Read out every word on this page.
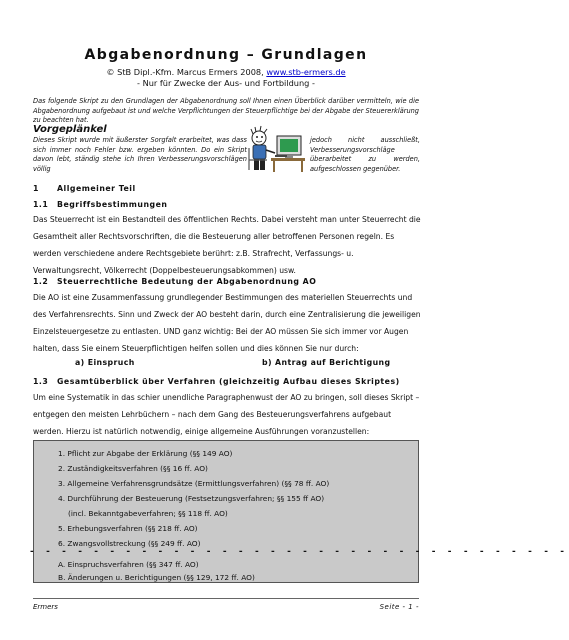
Abgabenordnung – Grundlagen
© StB Dipl.-Kfm. Marcus Ermers 2008, www.stb-ermers.de
- Nur für Zwecke der Aus- und Fortbildung -
Das folgende Skript zu den Grundlagen der Abgabenordnung soll Ihnen einen Überblick darüber vermitteln, wie die Abgabenordnung aufgebaut ist und welche Verpflichtungen der Steuerpflichtige bei der Abgabe der Steuererklärung zu beachten hat.
Vorgeplänkel
Dieses Skript wurde mit äußerster Sorgfalt erarbeitet, was dass sich immer noch Fehler bzw. ergeben könnten. Do ein Skript davon lebt, ständig stehe ich Ihren Verbesserungsvorschlägen völlig
jedoch nicht ausschließt, Verbesserungsvorschläge überarbeitet zu werden, aufgeschlossen gegenüber.
1 Allgemeiner Teil
1.1 Begriffsbestimmungen
Das Steuerrecht ist ein Bestandteil des öffentlichen Rechts. Dabei versteht man unter Steuerrecht die Gesamtheit aller Rechtsvorschriften, die die Besteuerung aller betroffenen Personen regeln. Es werden verschiedene andere Rechtsgebiete berührt: z.B. Strafrecht, Verfassungs- u. Verwaltungsrecht, Völkerrecht (Doppelbesteuerungsabkommen) usw.
1.2 Steuerrechtliche Bedeutung der Abgabenordnung AO
Die AO ist eine Zusammenfassung grundlegender Bestimmungen des materiellen Steuerrechts und des Verfahrensrechts. Sinn und Zweck der AO besteht darin, durch eine Zentralisierung die jeweiligen Einzelsteuergesetze zu entlasten. UND ganz wichtig: Bei der AO müssen Sie sich immer vor Augen halten, dass Sie einem Steuerpflichtigen helfen sollen und dies können Sie nur durch:
a) Einspruch	b) Antrag auf Berichtigung
1.3 Gesamtüberblick über Verfahren (gleichzeitig Aufbau dieses Skriptes)
Um eine Systematik in das schier unendliche Paragraphenwust der AO zu bringen, soll dieses Skript – entgegen den meisten Lehrbüchern – nach dem Gang des Besteuerungsverfahrens aufgebaut werden. Hierzu ist natürlich notwendig, einige allgemeine Ausführungen voranzustellen:
1. Pflicht zur Abgabe der Erklärung (§§ 149 AO)
2. Zuständigkeitsverfahren (§§ 16 ff. AO)
3. Allgemeine Verfahrensgrundsätze (Ermittlungsverfahren) (§§ 78 ff. AO)
4. Durchführung der Besteuerung (Festsetzungsverfahren; §§ 155 ff AO)
(incl. Bekanntgabeverfahren; §§ 118 ff. AO)
5. Erhebungsverfahren (§§ 218 ff. AO)
6. Zwangsvollstreckung (§§ 249 ff. AO)
- - - - - - - - - - - - - - - - - - - - - - - - - - - - - - - - - -
A. Einspruchsverfahren (§§ 347 ff. AO)
B. Änderungen u. Berichtigungen (§§ 129, 172 ff. AO)
Ermers	Seite - 1 -
